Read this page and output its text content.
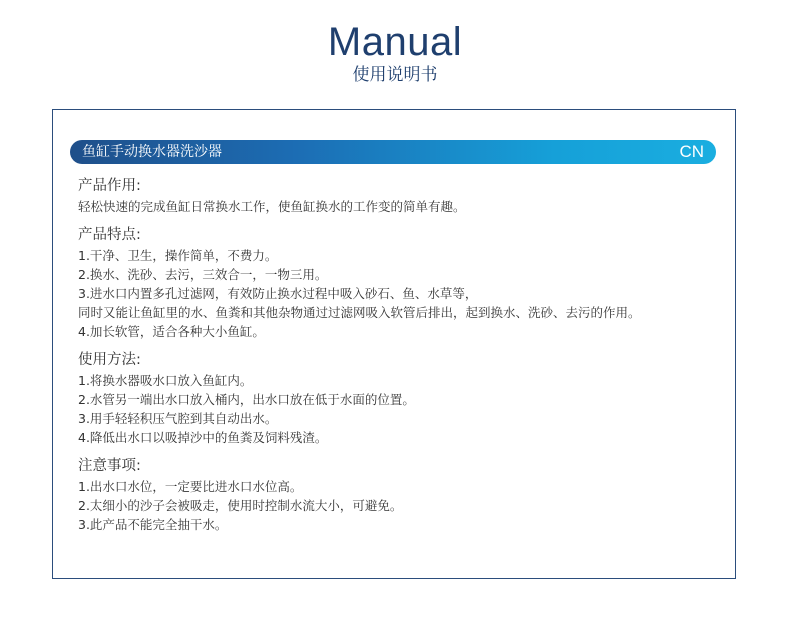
Manual
使用说明书
鱼缸手动换水器洗沙器	CN
产品作用:
轻松快速的完成鱼缸日常换水工作，使鱼缸换水的工作变的简单有趣。
产品特点:
1.干净、卫生，操作简单，不费力。
2.换水、洗砂、去污，三效合一，一物三用。
3.进水口内置多孔过滤网，有效防止换水过程中吸入砂石、鱼、水草等，
同时又能让鱼缸里的水、鱼粪和其他杂物通过过滤网吸入软管后排出，起到换水、洗砂、去污的作用。
4.加长软管，适合各种大小鱼缸。
使用方法:
1.将换水器吸水口放入鱼缸内。
2.水管另一端出水口放入桶内，出水口放在低于水面的位置。
3.用手轻轻积压气腔到其自动出水。
4.降低出水口以吸掉沙中的鱼粪及饲料残渣。
注意事项:
1.出水口水位，一定要比进水口水位高。
2.太细小的沙子会被吸走，使用时控制水流大小，可避免。
3.此产品不能完全抽干水。
